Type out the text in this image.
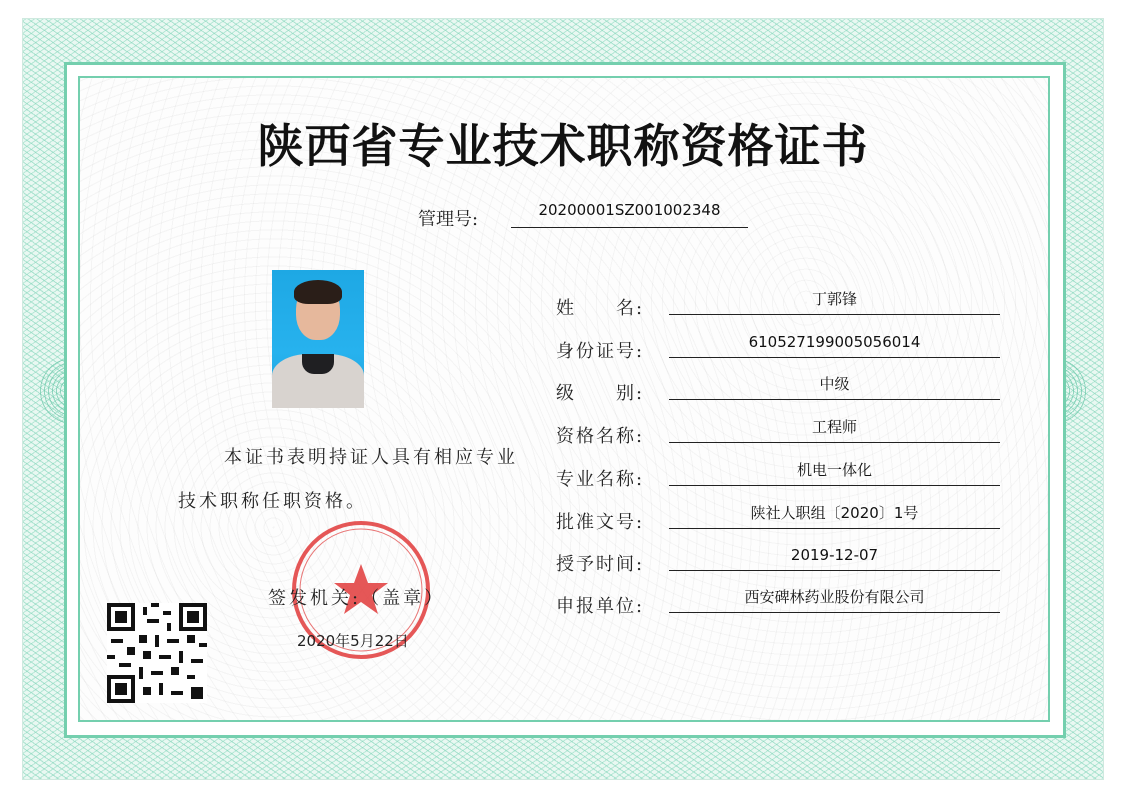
陕西省专业技术职称资格证书
管理号:	20200001SZ001002348
本证书表明持证人具有相应专业技术职称任职资格。
签发机关:（盖章）
2020年5月22日
姓　　名:	丁郭锋
身份证号:	610527199005056014
级　　别:	中级
资格名称:	工程师
专业名称:	机电一体化
批准文号:	陕社人职组〔2020〕1号
授予时间:	2019-12-07
申报单位:	西安碑林药业股份有限公司
